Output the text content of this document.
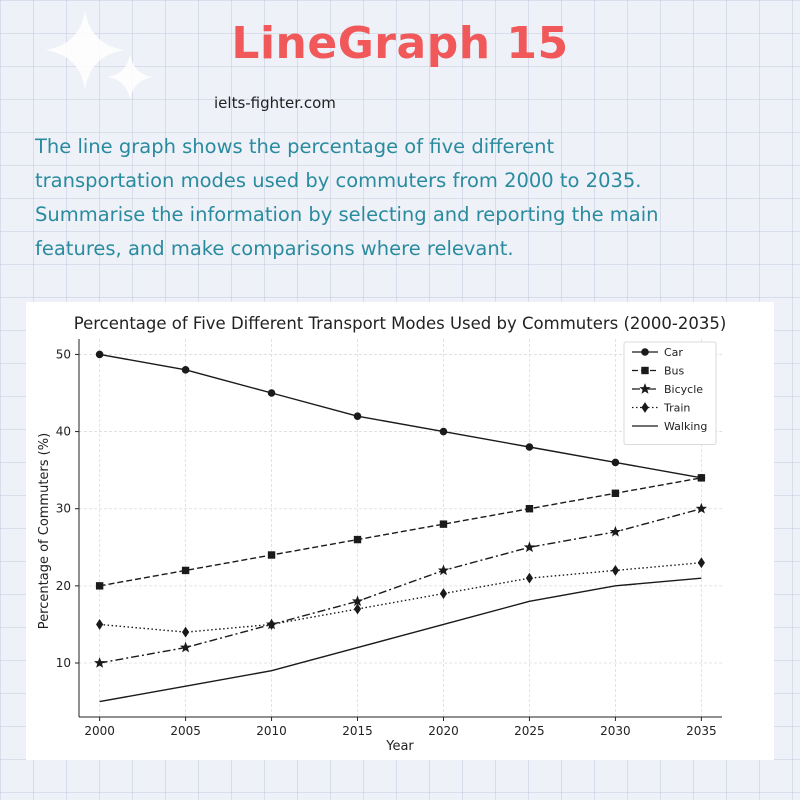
LineGraph 15
ielts-fighter.com
The line graph shows the percentage of five different
transportation modes used by commuters from 2000 to 2035.
Summarise the information by selecting and reporting the main
features, and make comparisons where relevant.
Percentage of Five Different Transport Modes Used by Commuters (2000-2035)
Year
Percentage of Commuters (%)
2000	2005	2010	2015	2020	2025	2030	2035
10
20
30
40
50	Car
Bus
Bicycle
Train
Walking
